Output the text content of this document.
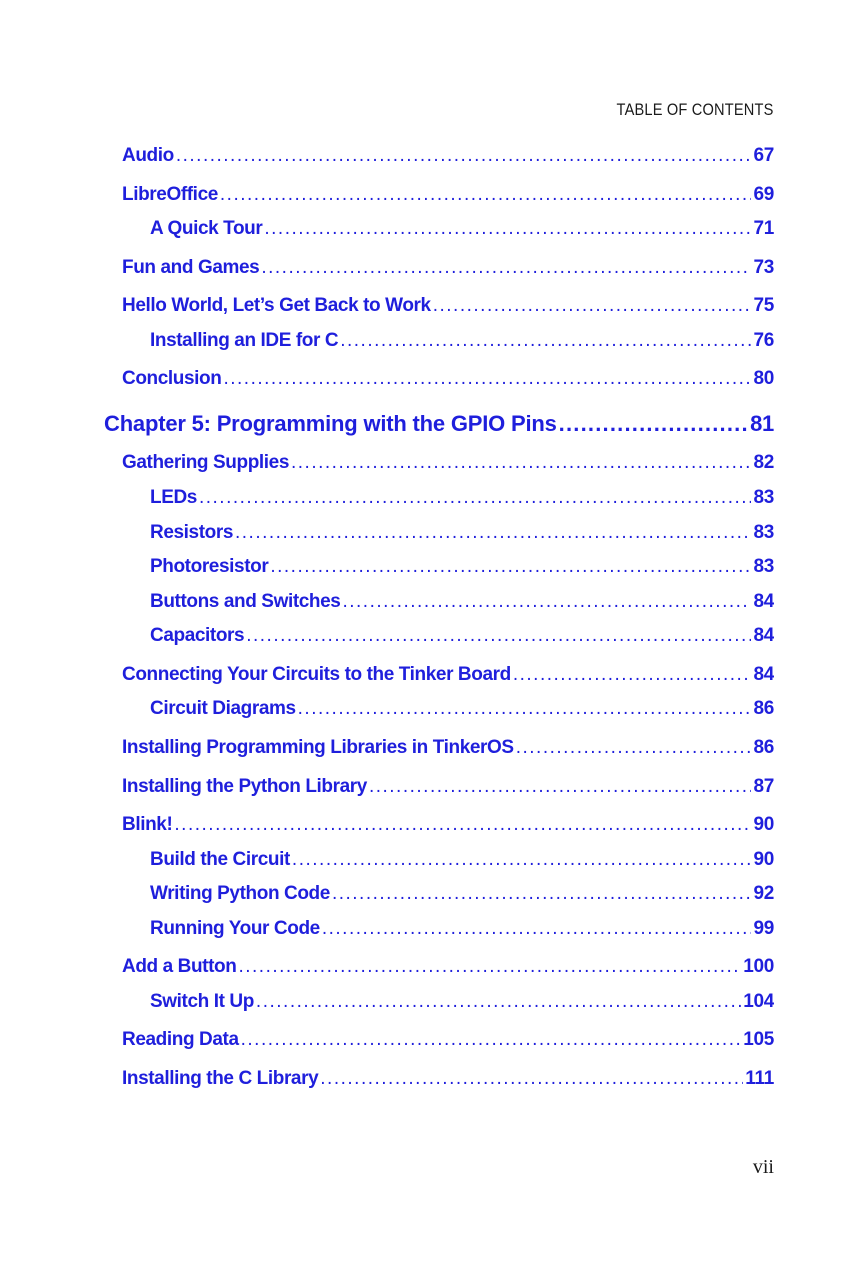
TABLE OF CONTENTS
Audio .....	67
LibreOffice .....	69
A Quick Tour .....	71
Fun and Games .....	73
Hello World, Let’s Get Back to Work .....	75
Installing an IDE for C .....	76
Conclusion .....	80
Chapter 5: Programming with the GPIO Pins .....	81
Gathering Supplies .....	82
LEDs .....	83
Resistors .....	83
Photoresistor .....	83
Buttons and Switches .....	84
Capacitors .....	84
Connecting Your Circuits to the Tinker Board .....	84
Circuit Diagrams .....	86
Installing Programming Libraries in TinkerOS .....	86
Installing the Python Library .....	87
Blink! .....	90
Build the Circuit .....	90
Writing Python Code .....	92
Running Your Code .....	99
Add a Button .....	100
Switch It Up .....	104
Reading Data .....	105
Installing the C Library .....	111
vii
